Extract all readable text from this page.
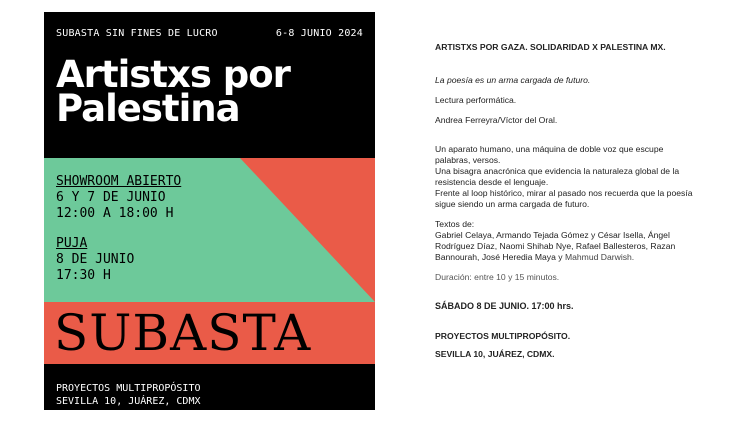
SUBASTA SIN FINES DE LUCRO	6-8 JUNIO 2024
Artistxs por
Palestina
SHOWROOM ABIERTO
6 Y 7 DE JUNIO
12:00 A 18:00 H
PUJA
8 DE JUNIO
17:30 H
SUBASTA
PROYECTOS MULTIPROPÓSITO
SEVILLA 10, JUÁREZ, CDMX

ARTISTXS POR GAZA. SOLIDARIDAD X PALESTINA MX.

La poesía es un arma cargada de futuro.

Lectura performática.

Andrea Ferreyra/Víctor del Oral.

Un aparato humano, una máquina de doble voz que escupe palabras, versos.

Una bisagra anacrónica que evidencia la naturaleza global de la resistencia desde el lenguaje.

Frente al loop histórico, mirar al pasado nos recuerda que la poesía sigue siendo un arma cargada de futuro.

Textos de:

Gabriel Celaya, Armando Tejada Gómez y César Isella, Ángel Rodríguez Díaz, Naomi Shihab Nye, Rafael Ballesteros, Razan Bannourah, José Heredia Maya y Mahmud Darwish.

Duración: entre 10 y 15 minutos.

SÁBADO 8 DE JUNIO. 17:00 hrs.

PROYECTOS MULTIPROPÓSITO.

SEVILLA 10, JUÁREZ, CDMX.
